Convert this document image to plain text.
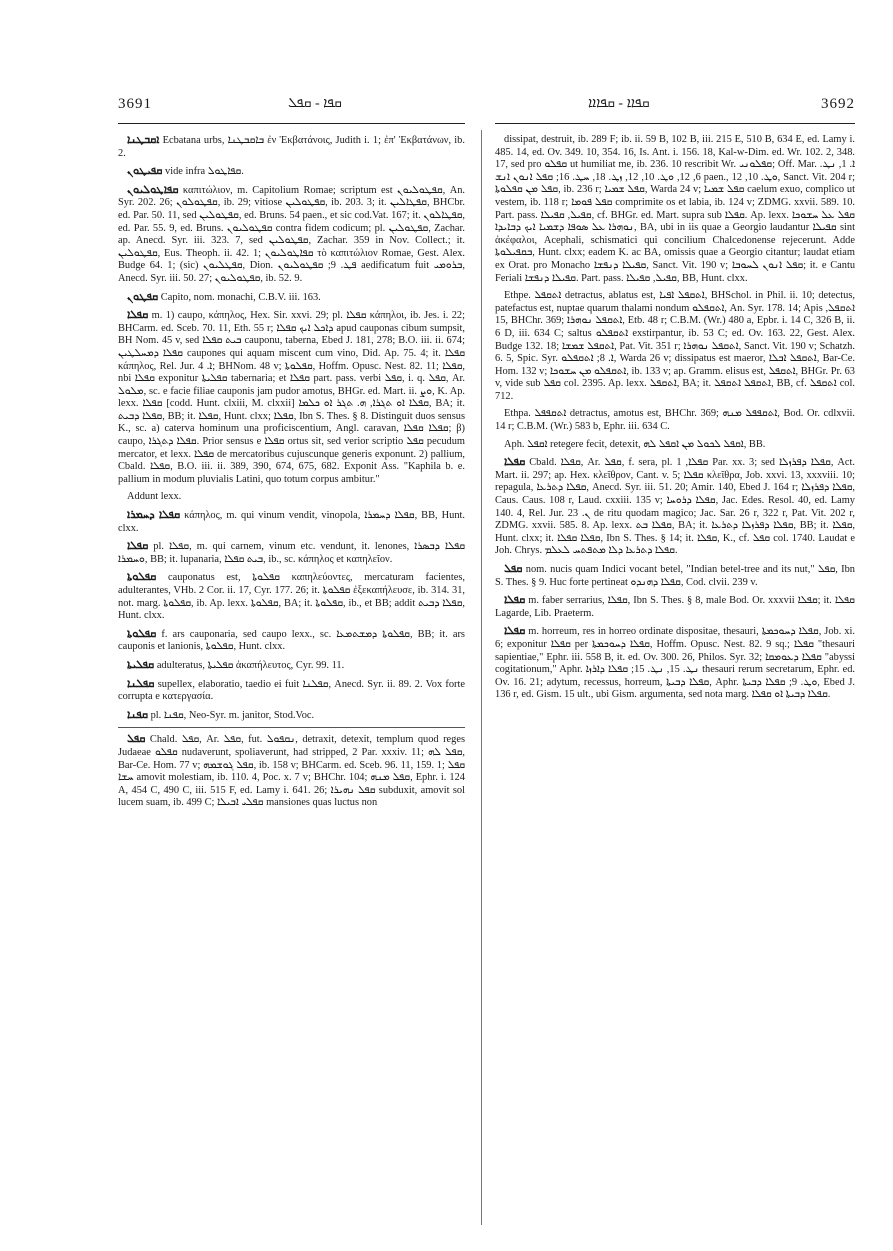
3691	ܩܦܐ - ܩܦܠ	ܩܦܐܐ - ܩܦܐܐܐ	3692

ܐܩܒܛܢܐ Ecbatana urbs, ܒܐܩܒܛܢܐ ἐν Ἐκβατάνοις, Judith i. 1; ἐπ' Ἐκβατάνων, ib. 2.

ܩܦܝܛܘܢ vide infra ܩܦܐܛܘܠ.

ܩܦܐܛܘܠܝܘܢ καπιτώλιον, m. Capitolium Romae; scriptum est ܩܦܛܘܠܝܘܢ, An. Syr. 202. 26; ܩܦܛܘܠܘܢ, ib. 29; vitiose ܩܦܛܘܠܝܢ, ib. 203. 3; it. ܩܦܛܐܠܝܢ, BHCbr. ed. Par. 50. 11, sed ܩܦܛܘܠܝܢ, ed. Bruns. 54 paen., et sic cod.Vat. 167; it. ܩܦܛܐܠܘܢ, ed. Par. 55. 9, ed. Bruns. ܩܦܛܘܠܝܘܢ contra fidem codicum; pl. ܩܦܛܘܠܝܢ, Zachar. ap. Anecd. Syr. iii. 323. 7, sed ܩܦܛܘܠܝܢ, Zachar. 359 in Nov. Collect.; it. ܩܦܛܘܠܝܢ, Eus. Theoph. ii. 42. 1; ܩܦܐܛܘܠܝܘܢ τὸ καπιτώλιον Romae, Gest. Alex. Budge 64. 1; (sic) ܩܦܛܠܝܘܢ, Dion. ܦܛ. 9; ܩܦܛܘܠܝܘܢ aedificatum fuit ܒܪܘܡܝ, Anecd. Syr. iii. 50. 27; ܩܦܛܘܠܝܘܢ, ib. 52. 9.

ܩܦܛܘܢ Capito, nom. monachi, C.B.V. iii. 163.

ܩܦܠܐ m. 1) caupo, κάπηλος, Hex. Sir. xxvi. 29; pl. ܩܦܠܐ κάπηλοι, ib. Jes. i. 22; BHCarm. ed. Sceb. 70. 11, Eth. 55 r; ܕܐܟܠ ܐܝܟ ܩܦܠܐ apud cauponas cibum sumpsit, BH Nom. 45 v, sed ܒܝܬ ܩܦܠܐ cauponu, taberna, Ebed J. 181, 278; B.O. iii. ii. 674; ܩܦܠܐ ܕܡܚܠܛܝܢ caupones qui aquam miscent cum vino, Did. Ap. 75. 4; it. ܩܦܠܐ κάπηλος, Rel. Jur. ܐ. 4; BHNom. 48 v; ܩܦܠܘܬܐ, Hoffm. Opusc. Nest. 82. 11; ܩܦܠܐ, nbi ܩܦܠܐ exponitur ܩܦܠܝܬܐ tabernaria; et ܩܦܠܐ part. pass. verbi ܩܦܠ, i. q. ܩܦܠ, Ar. ܡܠܘܠ, sc. e facie filiae cauponis jam pudor amotus, BHGr. ed. Mart. ii. ܘܨ, K. Ap. lexx. ܩܦܠܐ [codd. Hunt. clxiii, M. clxxii] ܩܦܠܐ ܐܘ ܬܓܪܐ, ܗ. ܬܓܪ ܐܘ ܟܠܡܐ, BA; it. ܩܦܠܐ ܕܒܝܬ, BB; it. ܩܦܠܐ, Hunt. clxx; ܩܦܠܐ, Ibn S. Thes. § 8. Distinguit duos sensus K., sc. a) caterva hominum una proficiscentium, Angl. caravan, ܩܦܠܐ ܩܦܠܐ; β) caupo, ܩܦܠܐ ܕܬܓܪܐ. Prior sensus e ܩܦܠܐ ortus sit, sed verior scriptio ܩܦܠ pecudum mercator, et lexx. ܩܦܠܐ de mercatoribus cujuscunque generis exponunt. 2) pallium, Cbald. ܩܦܠܐ, B.O. iii. ii. 389, 390, 674, 675, 682. Exponit Ass. "Kaphila b. e. pallium in modum pluvialis Latini, quo totum corpus ambitur."

Addunt lexx.

ܩܦܠܐ ܕܚܡܪܐ κάπηλος, m. qui vinum vendit, vinopola, ܩܦܠܐ ܕܚܡܪܐ, BB, Hunt. clxx.

ܩܦܠܐ pl. ܩܦܠܐ, m. qui carnem, vinum etc. vendunt, it. lenones, ܩܦܠܐ ܕܒܣܪܐ ܘܚܡܪܐ, BB; it. lupanaria, ܒܝܬ ܩܦܠܐ, ib., sc. κάπηλος et καπηλεῖον.

ܩܦܠܘܬܐ cauponatus est, ܩܦܠܘܬܐ καπηλεύοντες, mercaturam facientes, adulterantes, VHb. 2 Cor. ii. 17, Cyr. 177. 26; it. ܩܦܠܘܬܐ ἐξεκαπήλευσε, ib. 314. 31, not. marg. ܩܦܠܘܬܐ, ib. Ap. lexx. ܩܦܠܘܬܐ, BA; it. ܩܦܠܘܬܐ, ib., et BB; addit ܩܦܠܐ ܕܒܝܬ, Hunt. clxx.

ܩܦܠܘܬܐ f. ars cauponaria, sed caupo lexx., sc. ܩܦܠܘܬܐ ܕܡܫܬܡܥܐ, BB; it. ars cauponis et lanionis, ܩܦܠܘܬܐ, Hunt. clxx.

ܩܦܠܝܬܐ adulteratus, ܩܦܠܝܬܐ ἀκαπήλευτος, Cyr. 99. 11.

ܩܦܠܢܐ supellex, elaboratio, taedio ei fuit ܩܦܠܢܐ, Anecd. Syr. ii. 89. 2. Vox forte corrupta e κατεργασία.

ܩܦܢܐ pl. ܩܦܢܐ, Neo-Syr. m. janitor, Stod.Voc.

ܩܦܠ Chald. ܩܦܠ, Ar. ܩܦܠ, fut. ܢܩܦܘܠ, detraxit, detexit, templum quod reges Judaeae ܩܦܠܘ nudaverunt, spoliaverunt, had stripped, 2 Par. xxxiv. 11; ܩܦܠ ܠܗ, Bar-Ce. Hom. 77 v; ܩܦܠ ܓܘܫܡܗ, ib. 158 v; BHCarm. ed. Sceb. 96. 11, 159. 1; ܩܦܠ ܚܫܐ amovit molestiam, ib. 110. 4, Poc. x. 7 v; BHChr. 104; ܩܦܠ ܡܢܗ, Ephr. i. 124 A, 454 C, 490 C, iii. 515 F, ed. Lamy i. 641. 26; ܩܦܠ ܢܗܝܪܐ subduxit, amovit sol lucem suam, ib. 499 C; ܩܦܠܝ ܐܒܝܠܐ mansiones quas luctus non

dissipat, destruit, ib. 289 F; ib. ii. 59 B, 102 B, iii. 215 E, 510 B, 634 E, ed. Lamy i. 485. 14, ed. Ov. 349. 10, 354. 16, Is. Ant. i. 156. 18, Kal-w-Dim. ed. Wr. 102. 2, 348. 17, sed pro ܩܦܠܘ ut humiliat me, ib. 236. 10 rescribit Wr. ܩܦܠܘܢܝ; Off. Mar. ܐ. 1, ܢܛ. 6, 12, ܘܛ. 10, 12, ܙܛ. 18, ܚܛ. 16; ܩܦܠ ܐܢܘܢ ܐܢܫ paen., ܘܛ. 10, 12, Sanct. Vit. 204 r; ܩܦܠ ܡܢ ܩܦܠܘܬܐ, ib. 236 r; ܩܦܠ ܫܡܝܐ, Warda 24 v; ܩܦܠ ܫܡܝܐ caelum exuo, complico ut vestem, ib. 118 r; ܩܦܠ ܦܘܡܐ comprimite os et labia, ib. 124 v; ZDMG. xxvii. 589. 10. Part. pass. ܩܦܝܠ, ܩܦܝܠܐ, cf. BHGr. ed. Mart. supra sub ܩܦܠܐ. Ap. lexx. ܩܦܠ ܥܠ ܚܫܘܟܐ ܢܘܗܪܐ ܥܠ ܣܘܦܐ ܕܫܡܝܐ ܐܝܟ ܕܒܐܝܕܐ, BA, ubi in iis quae a Georgio laudantur ܩܦܝܠܐ sint ἀκέφαλοι, Acephali, schismatici qui concilium Chalcedonense rejecerunt. Adde ܒܩܦܝܠܘܬܐ, Hunt. clxx; eadem K. ac BA, omissis quae a Georgio citantur; laudat etiam ex Orat. pro Monacho ܩܦܝܠܐ ܕܢܦܫܐ, Sanct. Vit. 190 v; ܩܦܠ ܐܢܘܢ ܠܚܘܒܐ; it. e Cantu Feriali ܩܦܝܠܐ ܕܢܦܫܐ. Part. pass. ܩܦܝܠ, ܩܦܝܠܐ, BB, Hunt. clxx.

Ethpe. ܐܬܩܦܠ detractus, ablatus est, ܐܬܩܦܠ ܐܦܝܐ, BHSchol. in Phil. ii. 10; detectus, patefactus est, nuptae quarum thalami nondum ܐܬܩܦܠܘ, An. Syr. 178. 14; Apis ܐܬܩܦܠ, 15, BHChr. 369; ܐܬܩܦܠ ܢܘܗܪܐ, Etb. 48 r; C.B.M. (Wr.) 480 a, Epbr. i. 14 C, 326 B, ii. 6 D, iii. 634 C; saltus ܐܬܩܦܠܘ exstirpantur, ib. 53 C; ed. Ov. 163. 22, Gest. Alex. Budge 132. 18; ܐܬܩܦܠ ܫܡܫܐ, Pat. Vit. 351 r; ܐܬܩܦܠ ܢܘܗܪܐ, Sanct. Vit. 190 v; Schatzh. 6. 5, Spic. Syr. ܐ. 8; ܐܬܩܦܠܘ, Warda 26 v; dissipatus est maeror, ܐܬܩܦܠ ܐܒܠܐ, Bar-Ce. Hom. 132 v; ܐܬܩܦܠܘ ܡܢ ܚܫܘܟܐ, ib. 133 v; ap. Gramm. elisus est, ܐܬܩܦܠ, BHGr. Pr. 63 v, vide sub ܩܦܠ col. 2395. Ap. lexx. ܐܬܩܦܠ, BA; it. ܐܬܩܦܠ ܐܬܩܦܠ, BB, cf. ܐܬܩܦܠ col. 712.

Ethpa. ܐܬܩܦܦܠ detractus, amotus est, BHChr. 369; ܐܬܩܦܦܠ ܡܢܗ, Bod. Or. cdlxvii. 14 r; C.B.M. (Wr.) 583 b, Ephr. iii. 634 C.

Aph. ܐܩܦܠ retegere fecit, detexit, ܐܩܦܠ ܠܟܘܠ ܡܢ ܐܩܦܠ ܠܗ, BB.

ܩܦܠܐ Cbald. ܩܦܠܐ, Ar. ܩܦܠ, f. sera, pl. ܩܦܠܐ, 1 Par. xx. 3; sed ܩܦܠܐ ܕܦܪܙܠܐ, Act. Mart. ii. 297; ap. Hex. κλεῖθρον, Cant. v. 5; ܩܦܠܐ κλεῖθρα, Job. xxvi. 13, xxxviii. 10; repagula, ܩܦܠܐ ܕܬܪܥܐ, Anecd. Syr. iii. 51. 20; Amir. 140, Ebed J. 164 r; ܩܦܠܐ ܕܦܪܙܠܐ, Caus. Caus. 108 r, Laud. cxxiii. 135 v; ܩܦܠܐ ܕܪܘܚܐ, Jac. Edes. Resol. 40, ed. Lamy 140. 4, Rel. Jur. ܢ. 23 de ritu quodam magico; Jac. Sar. 26 r, 322 r, Pat. Vit. 202 r, ZDMG. xxvii. 585. 8. Ap. lexx. ܩܦܠܐ ܒܬ, BA; it. ܩܦܠܐ ܕܦܪܙܠܐ ܕܬܪܥܐ, BB; it. ܩܦܠܐ, Hunt. clxx; it. ܩܦܠܐ ܩܦܠܐ, Ibn S. Thes. § 14; it. ܩܦܠܐ, K., cf. ܩܦܠ col. 1740. Laudat e Joh. Chrys. ܩܦܠܐ ܕܬܪܥܐ ܕܠܐ ܡܬܦܬܚ ܠܥܠܡ.

ܩܦܠ nom. nucis quam Indici vocant betel, "Indian betel-tree and its nut," ܩܦܠ, Ibn S. Thes. § 9. Huc forte pertineat ܩܦܠܐ ܕܗܢܕܘ, Cod. clvii. 239 v.

ܩܦܠܐ m. faber serrarius, ܩܦܠܐ, Ibn S. Thes. § 8, male Bod. Or. xxxvii ܩܦܠܐ; it. ܩܦܠܐ Lagarde, Lib. Praeterm.

ܩܦܠܐ m. horreum, res in horreo ordinate dispositae, thesauri, ܩܦܠܐ ܕܚܘܟܡܬܐ, Job. xi. 6; exponitur ܩܦܠܐ per ܩܦܠܐ ܕܚܘܟܡܬܐ, Hoffm. Opusc. Nest. 82. 9 sq.; ܩܦܠܐ "thesauri sapientiae," Ephr. iii. 558 B, it. ed. Ov. 300. 26, Philos. Syr. 32; ܩܦܠܐ ܕܥܘܡܩܐ "abyssi cogitationum," Aphr. ܢܛ. 15, ܢܛ. 15; ܩܦܠܐ ܕܐܪܙܐ thesauri rerum secretarum, Ephr. ed. Ov. 16. 21; adytum, recessus, horreum, ܩܦܠܐ ܕܒܝܬܐ, Aphr. ܘܛ. 9; ܩܦܠܐ ܕܒܝܬܐ, Ebed J. 136 r, ed. Gism. 15 ult., ubi Gism. argumenta, sed nota marg. ܩܦܠܐ ܕܒܝܬܐ ܐܘ ܩܦܠܐ.
